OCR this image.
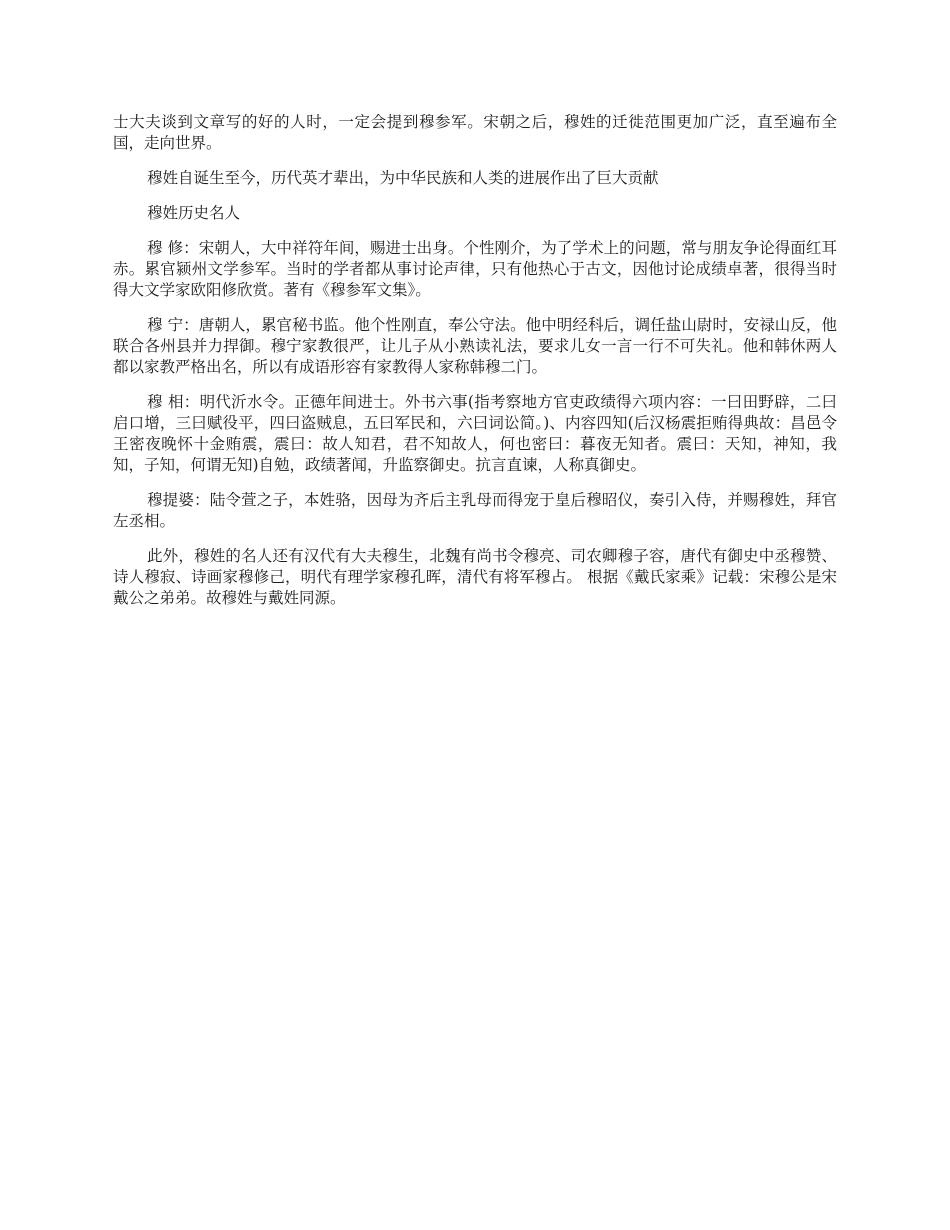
士大夫谈到文章写的好的人时，一定会提到穆参军。宋朝之后，穆姓的迁徙范围更加广泛，直至遍布全国，走向世界。

穆姓自诞生至今，历代英才辈出，为中华民族和人类的进展作出了巨大贡献

穆姓历史名人

穆 修：宋朝人，大中祥符年间，赐进士出身。个性刚介，为了学术上的问题，常与朋友争论得面红耳赤。累官颍州文学参军。当时的学者都从事讨论声律，只有他热心于古文，因他讨论成绩卓著，很得当时得大文学家欧阳修欣赏。著有《穆参军文集》。

穆 宁：唐朝人，累官秘书监。他个性刚直，奉公守法。他中明经科后，调任盐山尉时，安禄山反，他联合各州县并力捍御。穆宁家教很严，让儿子从小熟读礼法，要求儿女一言一行不可失礼。他和韩休两人都以家教严格出名，所以有成语形容有家教得人家称韩穆二门。

穆 相：明代沂水令。正德年间进士。外书六事(指考察地方官吏政绩得六项内容：一曰田野辟，二曰启口增，三曰赋役平，四曰盗贼息，五曰军民和，六曰词讼简。)、内容四知(后汉杨震拒贿得典故：昌邑令王密夜晚怀十金贿震，震曰：故人知君，君不知故人，何也密曰：暮夜无知者。震曰：天知，神知，我知，子知，何谓无知)自勉，政绩著闻，升监察御史。抗言直谏，人称真御史。

穆提婆：陆令萱之子，本姓骆，因母为齐后主乳母而得宠于皇后穆昭仪，奏引入侍，并赐穆姓，拜官左丞相。

此外，穆姓的名人还有汉代有大夫穆生，北魏有尚书令穆亮、司农卿穆子容，唐代有御史中丞穆赞、诗人穆寂、诗画家穆修己，明代有理学家穆孔晖，清代有将军穆占。 根据《戴氏家乘》记载：宋穆公是宋戴公之弟弟。故穆姓与戴姓同源。
